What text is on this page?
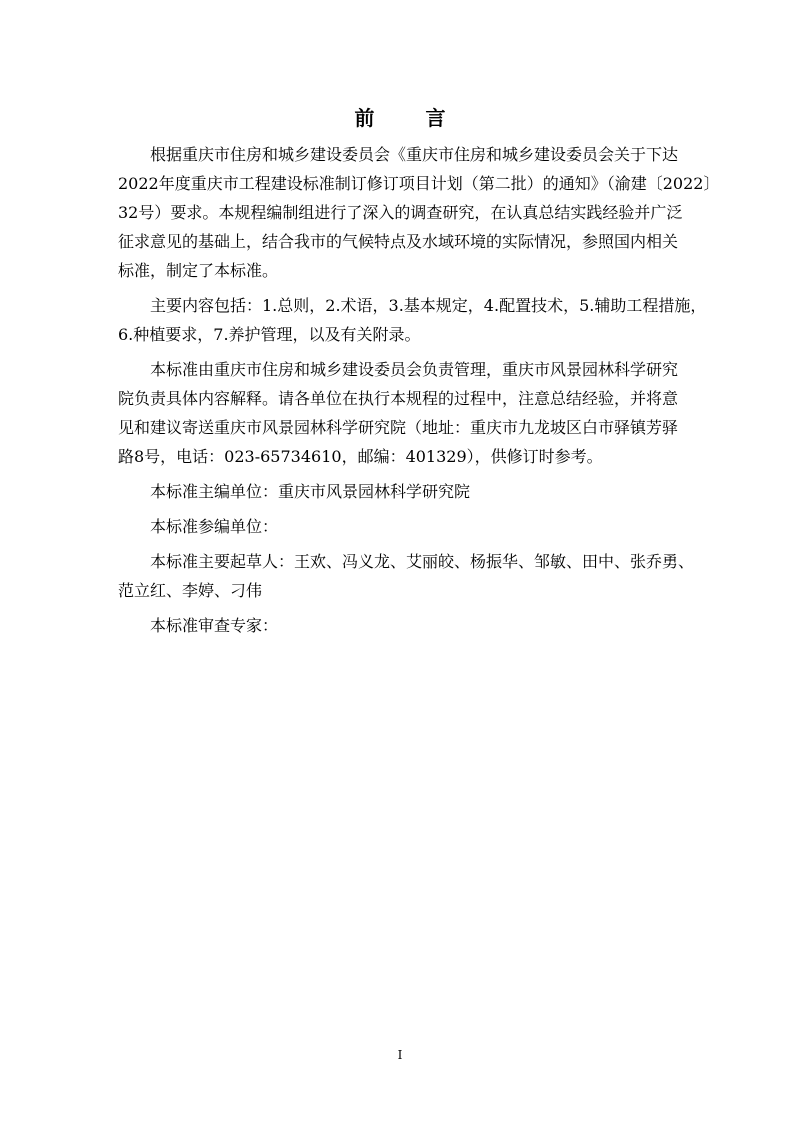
前 言
根据重庆市住房和城乡建设委员会《重庆市住房和城乡建设委员会关于下达
2022年度重庆市工程建设标准制订修订项目计划（第二批）的通知》（渝建〔2022〕
32号）要求。本规程编制组进行了深入的调查研究，在认真总结实践经验并广泛
征求意见的基础上，结合我市的气候特点及水域环境的实际情况，参照国内相关
标准，制定了本标准。
主要内容包括：1.总则，2.术语，3.基本规定，4.配置技术，5.辅助工程措施，
6.种植要求，7.养护管理，以及有关附录。
本标准由重庆市住房和城乡建设委员会负责管理，重庆市风景园林科学研究
院负责具体内容解释。请各单位在执行本规程的过程中，注意总结经验，并将意
见和建议寄送重庆市风景园林科学研究院（地址：重庆市九龙坡区白市驿镇芳驿
路8号，电话：023-65734610，邮编：401329），供修订时参考。
本标准主编单位：重庆市风景园林科学研究院
本标准参编单位：
本标准主要起草人：王欢、冯义龙、艾丽皎、杨振华、邹敏、田中、张乔勇、
范立红、李婷、刁伟
本标准审查专家：
I
